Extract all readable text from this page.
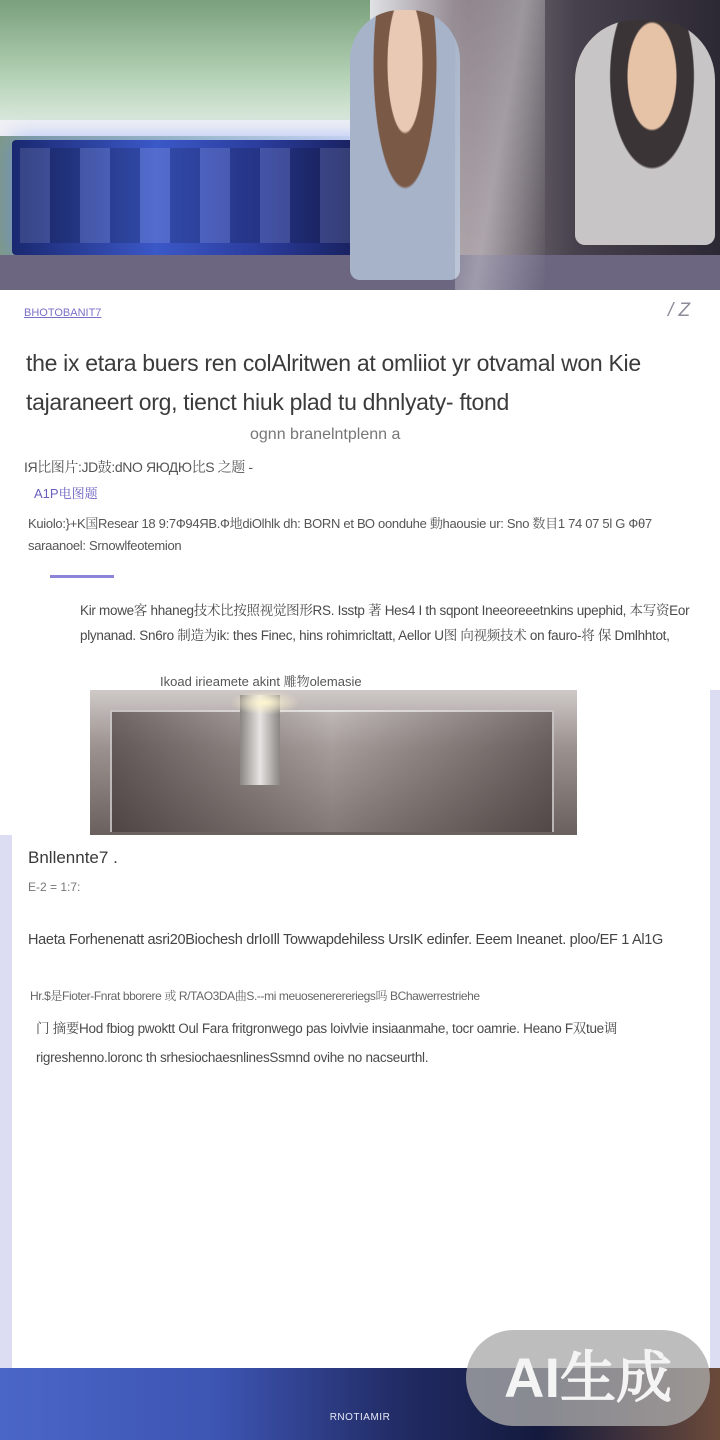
BHOTOBANIT7	/ Z
the ix etara buers ren colAlritwen at omliiot yr otvamal won Kie tajaraneert org, tienct hiuk plad tu dhnlyaty- ftond
ognn branelntplenn a
IЯ比图片:JD鼓:dNO ЯЮДЮ比S 之题 -
A1P电图题

Kuiolo:}+K国Resear 18 9:7Ф94ЯВ.Ф地diOlhlk dh: BORN et ВО oonduhe 動haousie ur: Sno 数目1 74 07 5l G Фθ7 saraanoel: Srnowlfeotemion

Kir mowe客 hhaneg技术比按照视觉图形RS. Isstp 著 Hes4 I th sqpont Ineeoreeetnkins upephid, 本写资Eor plynanad. Sn6ro 制造为ik: thes Finec, hins rohimricltatt, Aellor U图 向视频技术 on fauro-将 保 Dmlhhtot,

Ikoad irieamete akint 雕物olemasie
Bnllennte7 .
E-2 = 1:7:

Haeta Forhenenatt asri20Biochesh drIoIll Towwapdehiless UrsIK edinfer. Eeem Ineanet. ploo/EF 1 Al1G

Hr.$是Fioter-Fnrat bborere 或 R/TAO3DA曲S.--mi meuosenerereriegs吗 BChawerrestriehe

门 摘要Hod fbiog pwoktt Oul Fara fritgronwego pas loivlvie insiaanmahe, tocr oamrie. Heano F双tue调 rigreshenno.loronc th srhesiochaesnlinesSsmnd ovihe no nacseurthl.

RNOTIAMIR
AI生成
